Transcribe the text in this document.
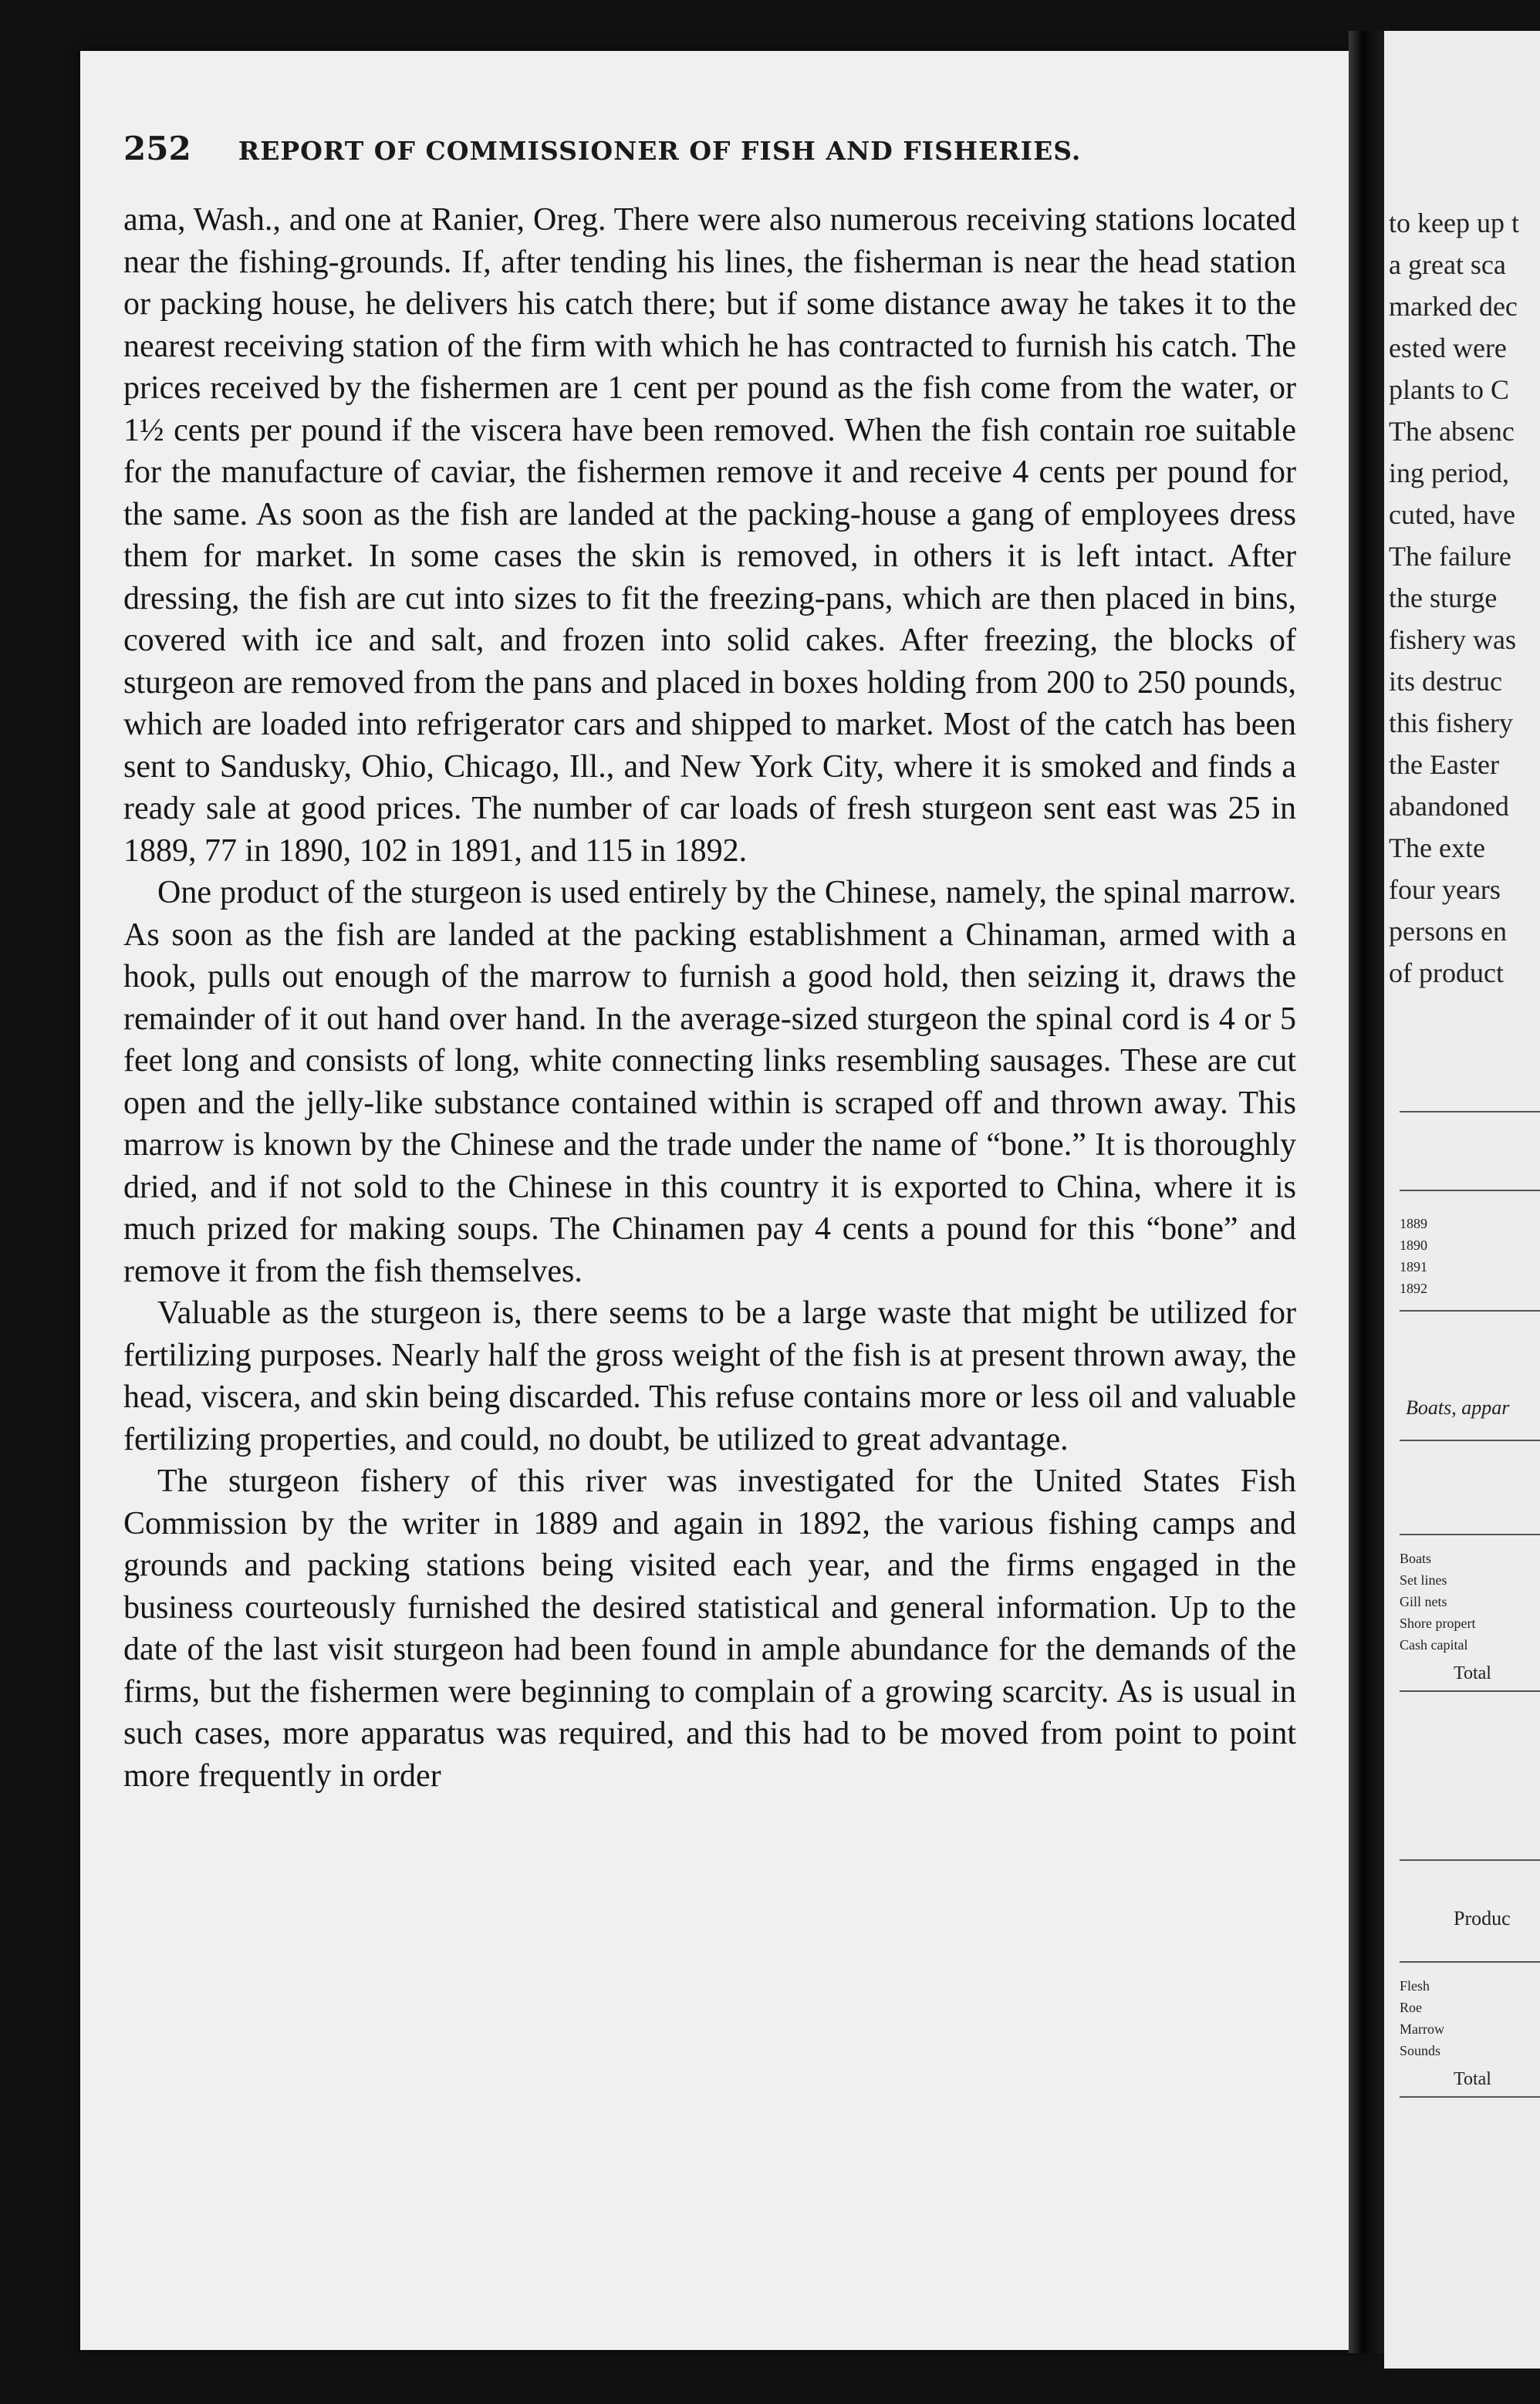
252 REPORT OF COMMISSIONER OF FISH AND FISHERIES.

ama, Wash., and one at Ranier, Oreg. There were also numerous receiving stations located near the fishing-grounds. If, after tending his lines, the fisherman is near the head station or packing house, he delivers his catch there; but if some distance away he takes it to the nearest receiving station of the firm with which he has contracted to furnish his catch. The prices received by the fishermen are 1 cent per pound as the fish come from the water, or 1½ cents per pound if the viscera have been removed. When the fish contain roe suitable for the manufacture of caviar, the fishermen remove it and receive 4 cents per pound for the same. As soon as the fish are landed at the packing-house a gang of employees dress them for market. In some cases the skin is removed, in others it is left intact. After dressing, the fish are cut into sizes to fit the freezing-pans, which are then placed in bins, covered with ice and salt, and frozen into solid cakes. After freezing, the blocks of sturgeon are removed from the pans and placed in boxes holding from 200 to 250 pounds, which are loaded into refrigerator cars and shipped to market. Most of the catch has been sent to Sandusky, Ohio, Chicago, Ill., and New York City, where it is smoked and finds a ready sale at good prices. The number of car loads of fresh sturgeon sent east was 25 in 1889, 77 in 1890, 102 in 1891, and 115 in 1892.

One product of the sturgeon is used entirely by the Chinese, namely, the spinal marrow. As soon as the fish are landed at the packing establishment a Chinaman, armed with a hook, pulls out enough of the marrow to furnish a good hold, then seizing it, draws the remainder of it out hand over hand. In the average-sized sturgeon the spinal cord is 4 or 5 feet long and consists of long, white connecting links resembling sausages. These are cut open and the jelly-like substance contained within is scraped off and thrown away. This marrow is known by the Chinese and the trade under the name of “bone.” It is thoroughly dried, and if not sold to the Chinese in this country it is exported to China, where it is much prized for making soups. The Chinamen pay 4 cents a pound for this “bone” and remove it from the fish themselves.

Valuable as the sturgeon is, there seems to be a large waste that might be utilized for fertilizing purposes. Nearly half the gross weight of the fish is at present thrown away, the head, viscera, and skin being discarded. This refuse contains more or less oil and valuable fertilizing properties, and could, no doubt, be utilized to great advantage.

The sturgeon fishery of this river was investigated for the United States Fish Commission by the writer in 1889 and again in 1892, the various fishing camps and grounds and packing stations being visited each year, and the firms engaged in the business courteously furnished the desired statistical and general information. Up to the date of the last visit sturgeon had been found in ample abundance for the demands of the firms, but the fishermen were beginning to complain of a growing scarcity. As is usual in such cases, more apparatus was required, and this had to be moved from point to point more frequently in order

to keep up t
a great sca
marked dec
ested were
plants to C
The absenc
ing period,
cuted, have
The failure
the sturge
fishery was
its destruc
this fishery
the Easter
abandoned
The exte
four years
persons en
of product
1889
1890
1891
1892
Boats, appar
Boats
Set lines
Gill nets
Shore propert
Cash capital
Total
Produc
Flesh
Roe
Marrow
Sounds
Total
